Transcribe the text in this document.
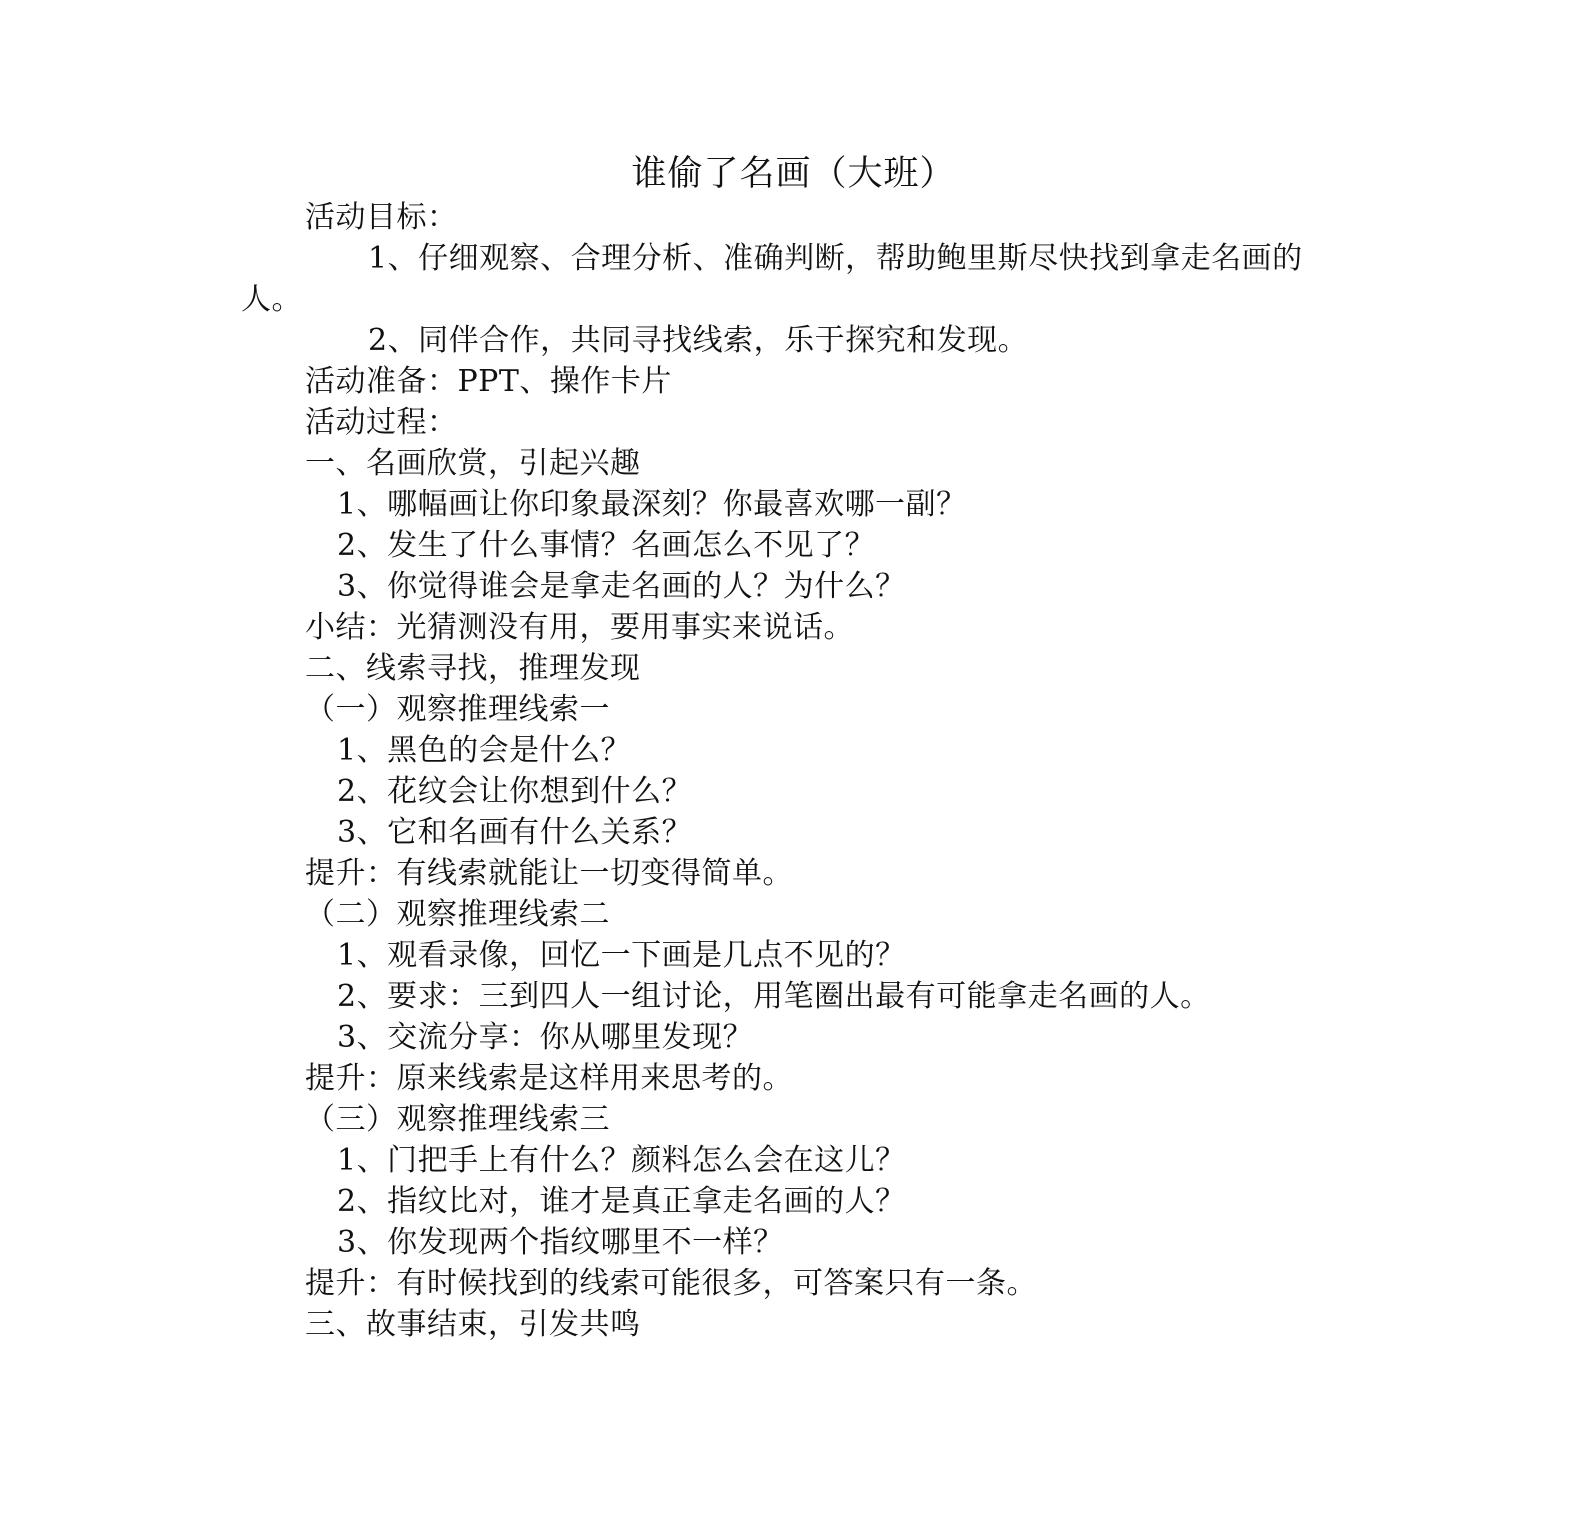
谁偷了名画（大班）
活动目标：
1、仔细观察、合理分析、准确判断，帮助鲍里斯尽快找到拿走名画的
人。
2、同伴合作，共同寻找线索，乐于探究和发现。
活动准备：PPT、操作卡片
活动过程：
一、名画欣赏，引起兴趣
1、哪幅画让你印象最深刻？你最喜欢哪一副？
2、发生了什么事情？名画怎么不见了？
3、你觉得谁会是拿走名画的人？为什么？
小结：光猜测没有用，要用事实来说话。
二、线索寻找，推理发现
（一）观察推理线索一
1、黑色的会是什么？
2、花纹会让你想到什么？
3、它和名画有什么关系？
提升：有线索就能让一切变得简单。
（二）观察推理线索二
1、观看录像，回忆一下画是几点不见的？
2、要求：三到四人一组讨论，用笔圈出最有可能拿走名画的人。
3、交流分享：你从哪里发现？
提升：原来线索是这样用来思考的。
（三）观察推理线索三
1、门把手上有什么？颜料怎么会在这儿？
2、指纹比对，谁才是真正拿走名画的人？
3、你发现两个指纹哪里不一样？
提升：有时候找到的线索可能很多，可答案只有一条。
三、故事结束，引发共鸣
